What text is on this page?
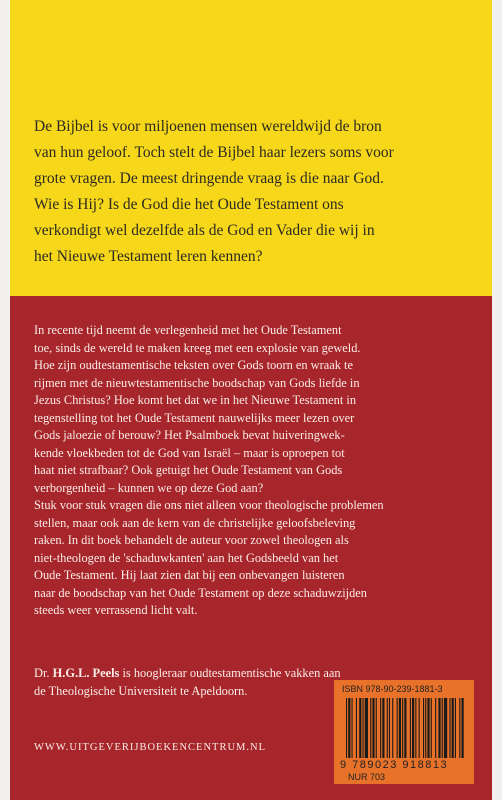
De Bijbel is voor miljoenen mensen wereldwijd de bron
van hun geloof. Toch stelt de Bijbel haar lezers soms voor
grote vragen. De meest dringende vraag is die naar God.
Wie is Hij? Is de God die het Oude Testament ons
verkondigt wel dezelfde als de God en Vader die wij in
het Nieuwe Testament leren kennen?
In recente tijd neemt de verlegenheid met het Oude Testament
toe, sinds de wereld te maken kreeg met een explosie van geweld.
Hoe zijn oudtestamentische teksten over Gods toorn en wraak te
rijmen met de nieuwtestamentische boodschap van Gods liefde in
Jezus Christus? Hoe komt het dat we in het Nieuwe Testament in
tegenstelling tot het Oude Testament nauwelijks meer lezen over
Gods jaloezie of berouw? Het Psalmboek bevat huiveringwek-
kende vloekbeden tot de God van Israël – maar is oproepen tot
haat niet strafbaar? Ook getuigt het Oude Testament van Gods
verborgenheid – kunnen we op deze God aan?
Stuk voor stuk vragen die ons niet alleen voor theologische problemen
stellen, maar ook aan de kern van de christelijke geloofsbeleving
raken. In dit boek behandelt de auteur voor zowel theologen als
niet-theologen de 'schaduwkanten' aan het Godsbeeld van het
Oude Testament. Hij laat zien dat bij een onbevangen luisteren
naar de boodschap van het Oude Testament op deze schaduwzijden
steeds weer verrassend licht valt.
Dr. H.G.L. Peels is hoogleraar oudtestamentische vakken aan
de Theologische Universiteit te Apeldoorn.
WWW.UITGEVERIJBOEKENCENTRUM.NL
ISBN 978-90-239-1881-3
9 789023 918813
NUR 703
